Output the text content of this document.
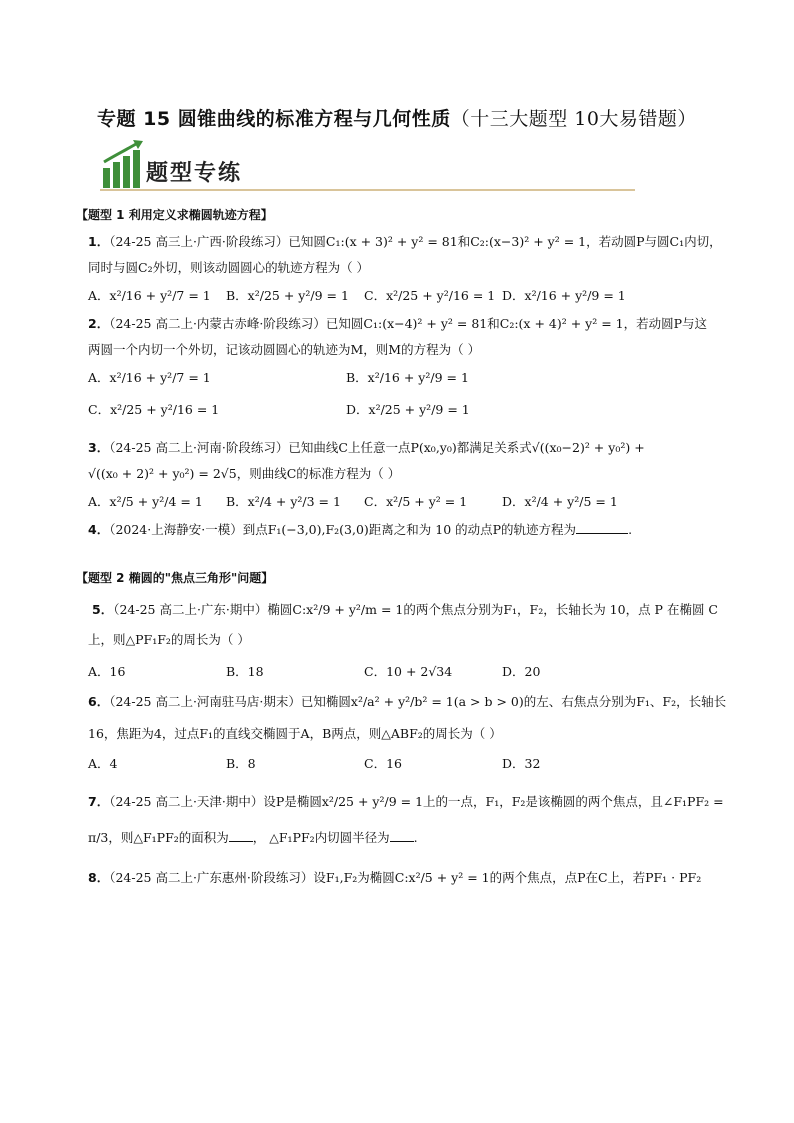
专题 15 圆锥曲线的标准方程与几何性质（十三大题型 10大易错题）
题型专练
【题型 1 利用定义求椭圆轨迹方程】
1．（24-25 高三上·广西·阶段练习）已知圆C₁:(x + 3)² + y² = 81和C₂:(x−3)² + y² = 1，若动圆P与圆C₁内切，
同时与圆C₂外切，则该动圆圆心的轨迹方程为（ ）
A．x²/16 + y²/7 = 1	B．x²/25 + y²/9 = 1	C．x²/25 + y²/16 = 1 D．x²/16 + y²/9 = 1
2．（24-25 高二上·内蒙古赤峰·阶段练习）已知圆C₁:(x−4)² + y² = 81和C₂:(x + 4)² + y² = 1，若动圆P与这
两圆一个内切一个外切，记该动圆圆心的轨迹为M，则M的方程为（ ）
A．x²/16 + y²/7 = 1	B．x²/16 + y²/9 = 1
C．x²/25 + y²/16 = 1	D．x²/25 + y²/9 = 1
3．（24-25 高二上·河南·阶段练习）已知曲线C上任意一点P(x₀,y₀)都满足关系式√((x₀−2)² + y₀²) +
√((x₀ + 2)² + y₀²) = 2√5，则曲线C的标准方程为（ ）
A．x²/5 + y²/4 = 1	B．x²/4 + y²/3 = 1	C．x²/5 + y² = 1	D．x²/4 + y²/5 = 1
4．（2024·上海静安·一模）到点F₁(−3,0),F₂(3,0)距离之和为 10 的动点P的轨迹方程为	.
【题型 2 椭圆的"焦点三角形"问题】
5．（24-25 高二上·广东·期中）椭圆C:x²/9 + y²/m = 1的两个焦点分别为F₁，F₂，长轴长为 10，点 P 在椭圆 C
上，则△PF₁F₂的周长为（ ）
A．16	B．18	C．10 + 2√34	D．20
6．（24-25 高二上·河南驻马店·期末）已知椭圆x²/a² + y²/b² = 1(a > b > 0)的左、右焦点分别为F₁、F₂，长轴长
16，焦距为4，过点F₁的直线交椭圆于A，B两点，则△ABF₂的周长为（ ）
A．4	B．8	C．16	D．32
7．（24-25 高二上·天津·期中）设P是椭圆x²/25 + y²/9 = 1上的一点，F₁，F₂是该椭圆的两个焦点，且∠F₁PF₂ =
π/3，则△F₁PF₂的面积为 ， △F₁PF₂内切圆半径为 .
8．（24-25 高二上·广东惠州·阶段练习）设F₁,F₂为椭圆C:x²/5 + y² = 1的两个焦点，点P在C上，若PF₁ · PF₂
